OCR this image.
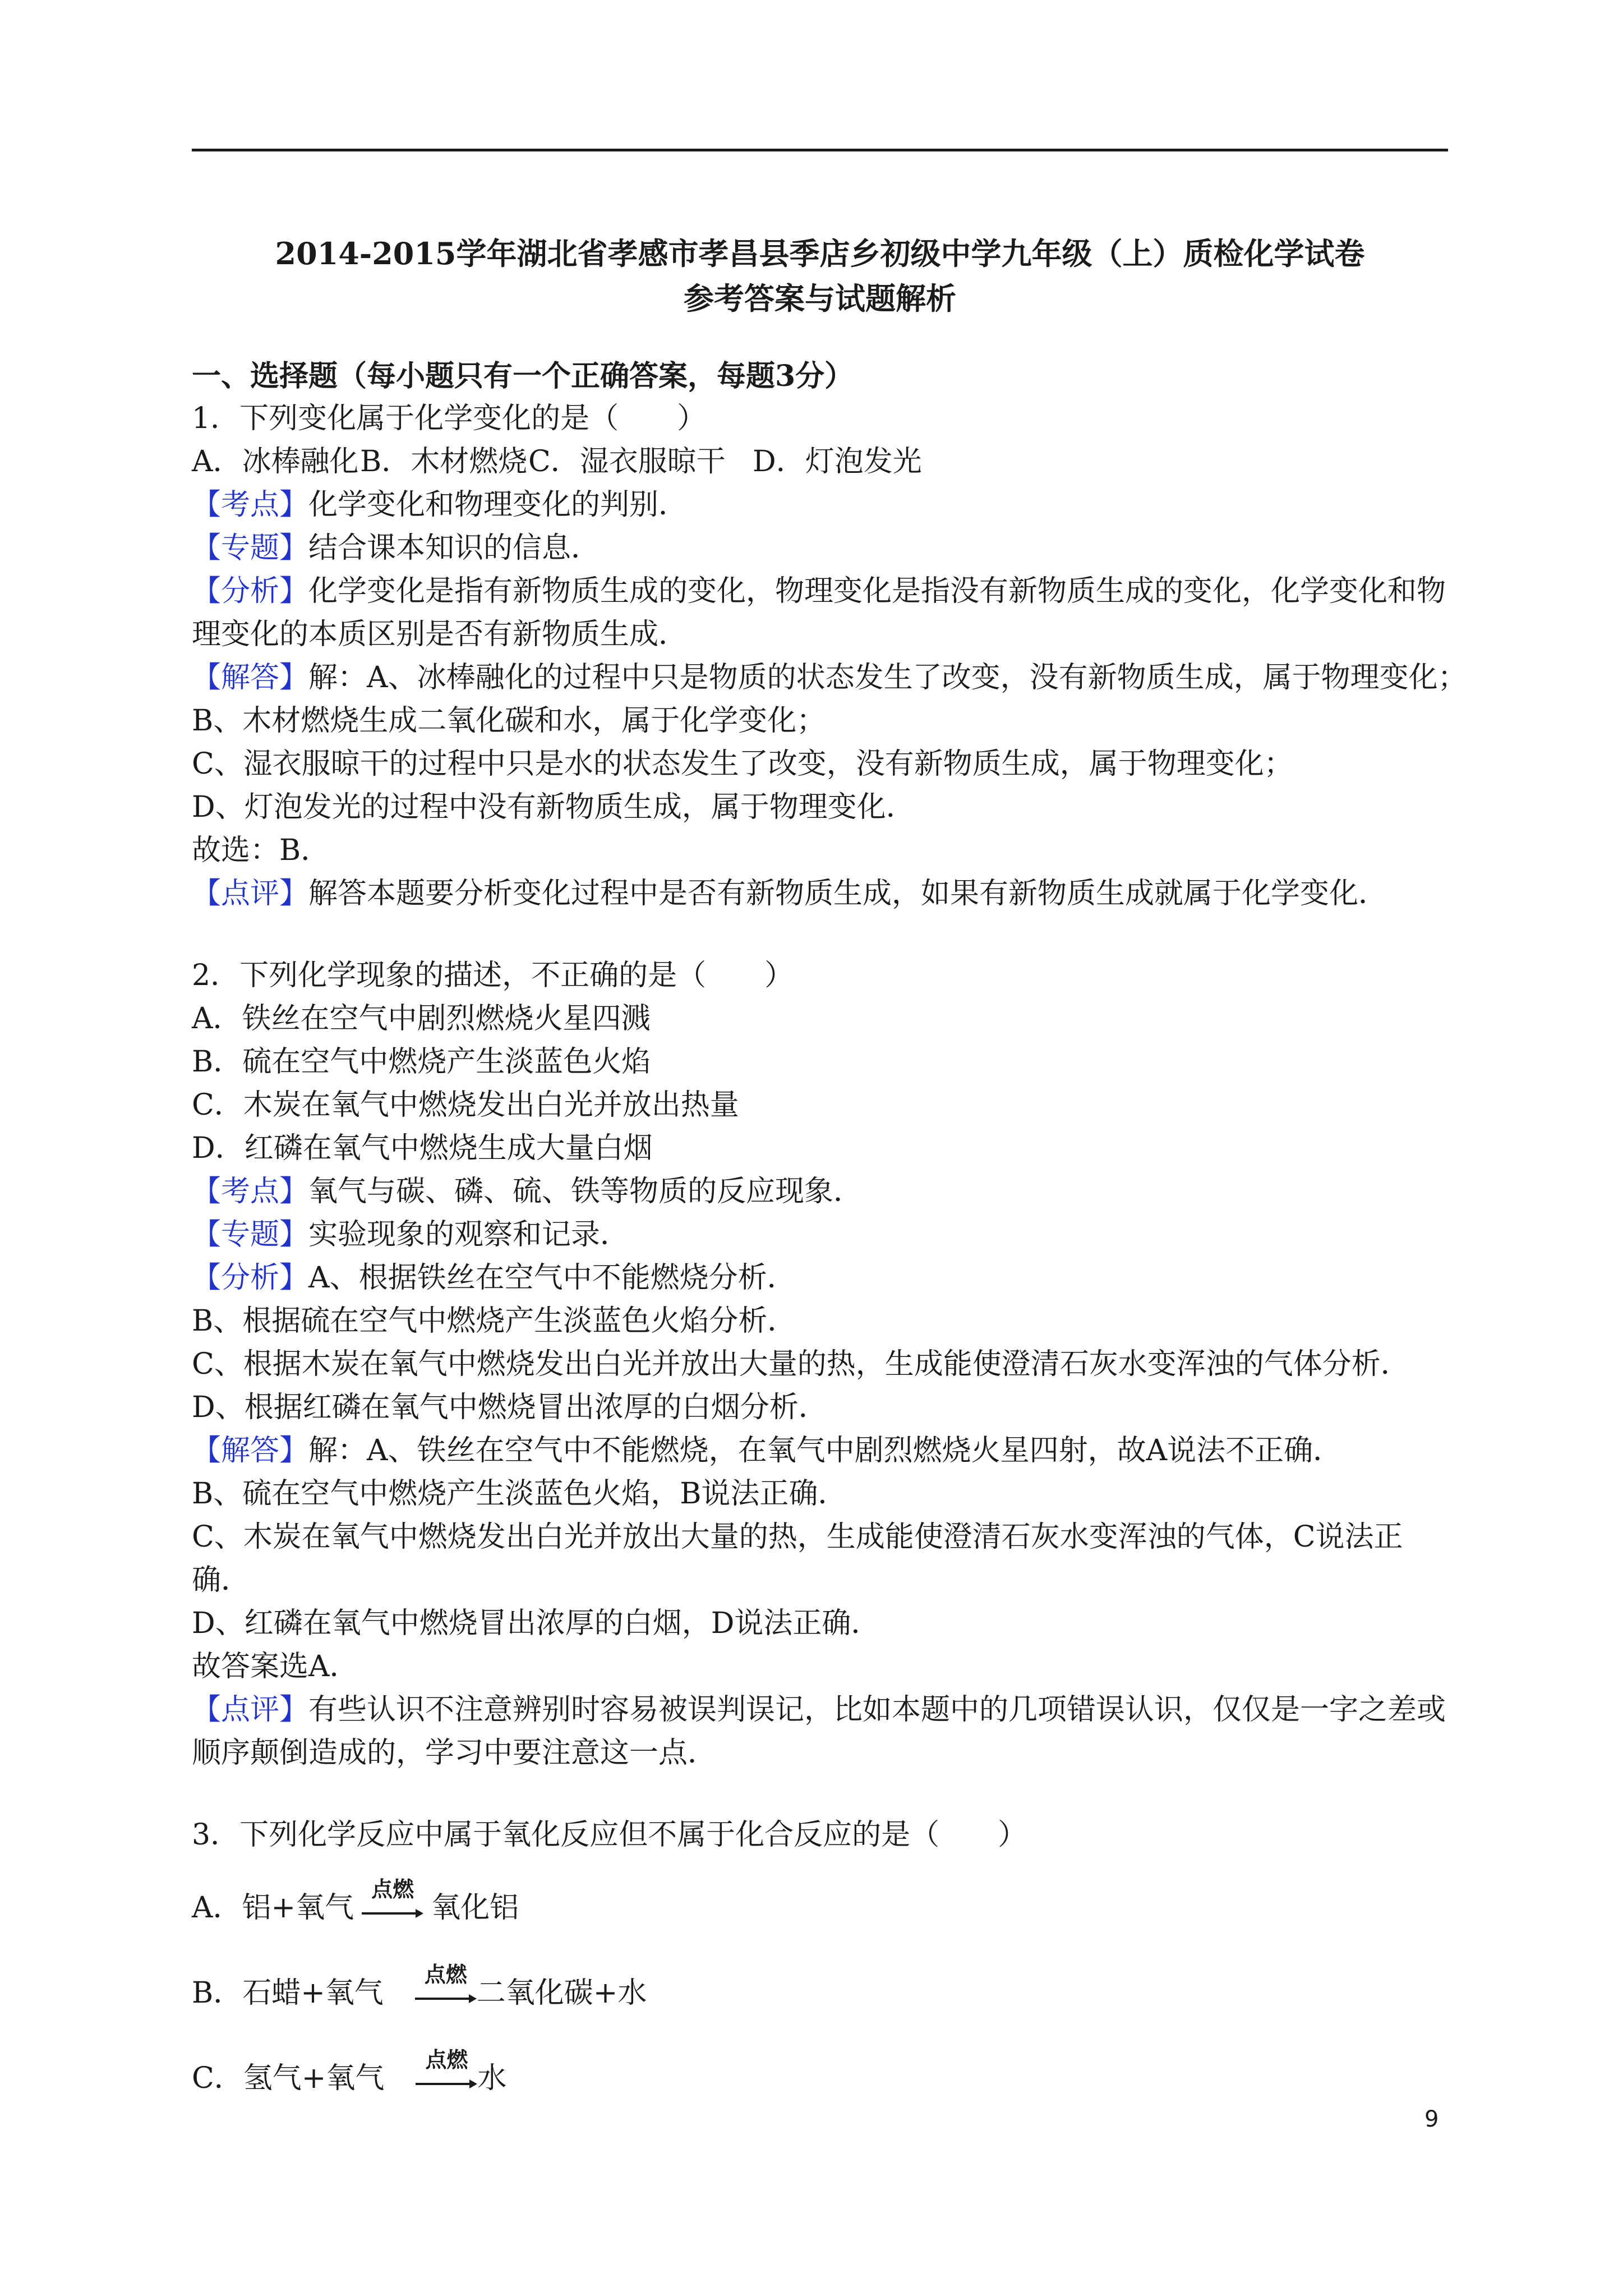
2014-2015学年湖北省孝感市孝昌县季店乡初级中学九年级（上）质检化学试卷
参考答案与试题解析
一、选择题（每小题只有一个正确答案，每题3分）
1．下列变化属于化学变化的是（　　）
A．冰棒融化B．木材燃烧C．湿衣服晾干 D．灯泡发光
【考点】化学变化和物理变化的判别．
【专题】结合课本知识的信息．
【分析】化学变化是指有新物质生成的变化，物理变化是指没有新物质生成的变化，化学变化和物
理变化的本质区别是否有新物质生成．
【解答】解：A、冰棒融化的过程中只是物质的状态发生了改变，没有新物质生成，属于物理变化；
B、木材燃烧生成二氧化碳和水，属于化学变化；
C、湿衣服晾干的过程中只是水的状态发生了改变，没有新物质生成，属于物理变化；
D、灯泡发光的过程中没有新物质生成，属于物理变化．
故选：B．
【点评】解答本题要分析变化过程中是否有新物质生成，如果有新物质生成就属于化学变化．
2．下列化学现象的描述，不正确的是（　　）
A．铁丝在空气中剧烈燃烧火星四溅
B．硫在空气中燃烧产生淡蓝色火焰
C．木炭在氧气中燃烧发出白光并放出热量
D．红磷在氧气中燃烧生成大量白烟
【考点】氧气与碳、磷、硫、铁等物质的反应现象．
【专题】实验现象的观察和记录．
【分析】A、根据铁丝在空气中不能燃烧分析．
B、根据硫在空气中燃烧产生淡蓝色火焰分析．
C、根据木炭在氧气中燃烧发出白光并放出大量的热，生成能使澄清石灰水变浑浊的气体分析．
D、根据红磷在氧气中燃烧冒出浓厚的白烟分析．
【解答】解：A、铁丝在空气中不能燃烧，在氧气中剧烈燃烧火星四射，故A说法不正确．
B、硫在空气中燃烧产生淡蓝色火焰，B说法正确．
C、木炭在氧气中燃烧发出白光并放出大量的热，生成能使澄清石灰水变浑浊的气体，C说法正
确．
D、红磷在氧气中燃烧冒出浓厚的白烟，D说法正确．
故答案选A．
【点评】有些认识不注意辨别时容易被误判误记，比如本题中的几项错误认识，仅仅是一字之差或
顺序颠倒造成的，学习中要注意这一点．
3．下列化学反应中属于氧化反应但不属于化合反应的是（　　）
A．铝+氧气
点燃
氧化铝
B．石蜡+氧气
点燃
二氧化碳+水
C．氢气+氧气
点燃
水
9
